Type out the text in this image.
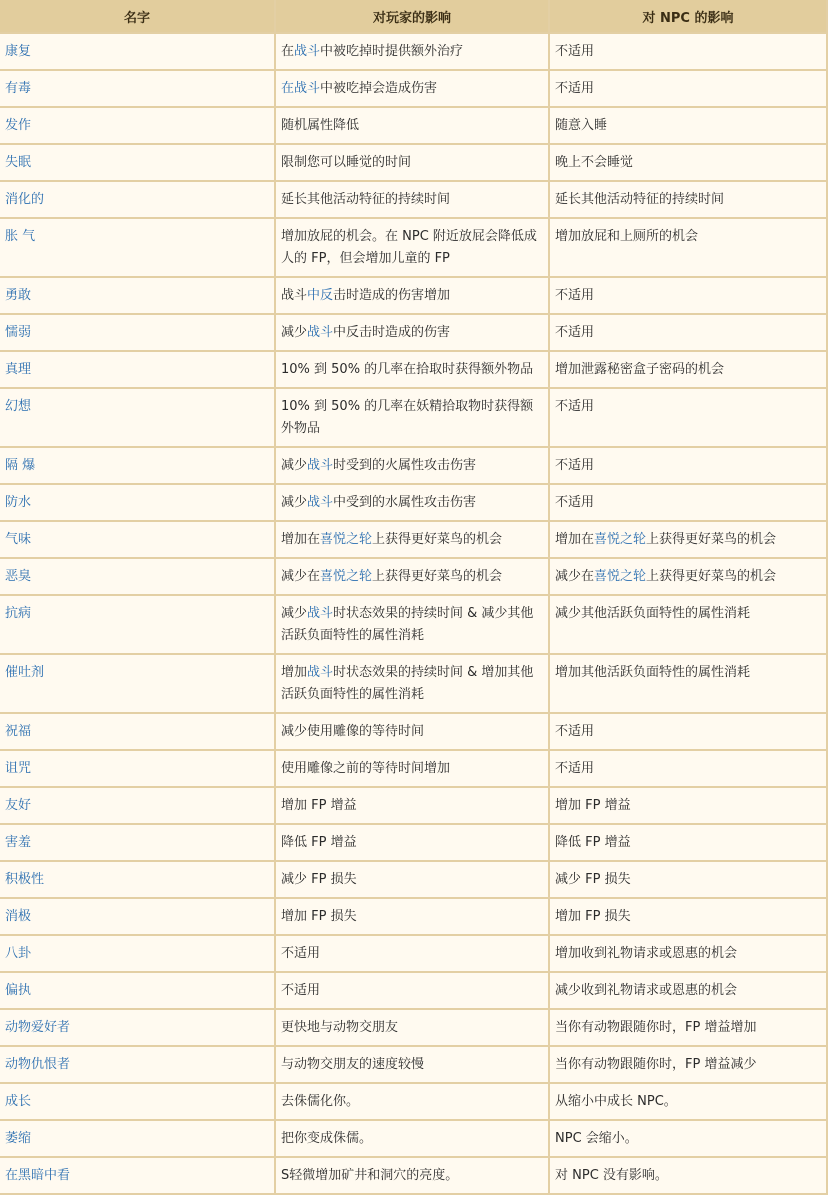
名字	对玩家的影响	对 NPC 的影响
康复	在战斗中被吃掉时提供额外治疗	不适用
有毒	在战斗中被吃掉会造成伤害	不适用
发作	随机属性降低	随意入睡
失眠	限制您可以睡觉的时间	晚上不会睡觉
消化的	延长其他活动特征的持续时间	延长其他活动特征的持续时间
胀 气	增加放屁的机会。在 NPC 附近放屁会降低成人的 FP，但会增加儿童的 FP	增加放屁和上厕所的机会
勇敢	战斗中反击时造成的伤害增加	不适用
懦弱	减少战斗中反击时造成的伤害	不适用
真理	10% 到 50% 的几率在拾取时获得额外物品	增加泄露秘密盒子密码的机会
幻想	10% 到 50% 的几率在妖精拾取物时获得额外物品	不适用
隔 爆	减少战斗时受到的火属性攻击伤害	不适用
防水	减少战斗中受到的水属性攻击伤害	不适用
气味	增加在喜悦之轮上获得更好菜鸟的机会	增加在喜悦之轮上获得更好菜鸟的机会
恶臭	减少在喜悦之轮上获得更好菜鸟的机会	减少在喜悦之轮上获得更好菜鸟的机会
抗病	减少战斗时状态效果的持续时间 & 减少其他活跃负面特性的属性消耗	减少其他活跃负面特性的属性消耗
催吐剂	增加战斗时状态效果的持续时间 & 增加其他活跃负面特性的属性消耗	增加其他活跃负面特性的属性消耗
祝福	减少使用雕像的等待时间	不适用
诅咒	使用雕像之前的等待时间增加	不适用
友好	增加 FP 增益	增加 FP 增益
害羞	降低 FP 增益	降低 FP 增益
积极性	减少 FP 损失	减少 FP 损失
消极	增加 FP 损失	增加 FP 损失
八卦	不适用	增加收到礼物请求或恩惠的机会
偏执	不适用	减少收到礼物请求或恩惠的机会
动物爱好者	更快地与动物交朋友	当你有动物跟随你时，FP 增益增加
动物仇恨者	与动物交朋友的速度较慢	当你有动物跟随你时，FP 增益减少
成长	去侏儒化你。	从缩小中成长 NPC。
萎缩	把你变成侏儒。	NPC 会缩小。
在黑暗中看	S轻微增加矿井和洞穴的亮度。	对 NPC 没有影响。
